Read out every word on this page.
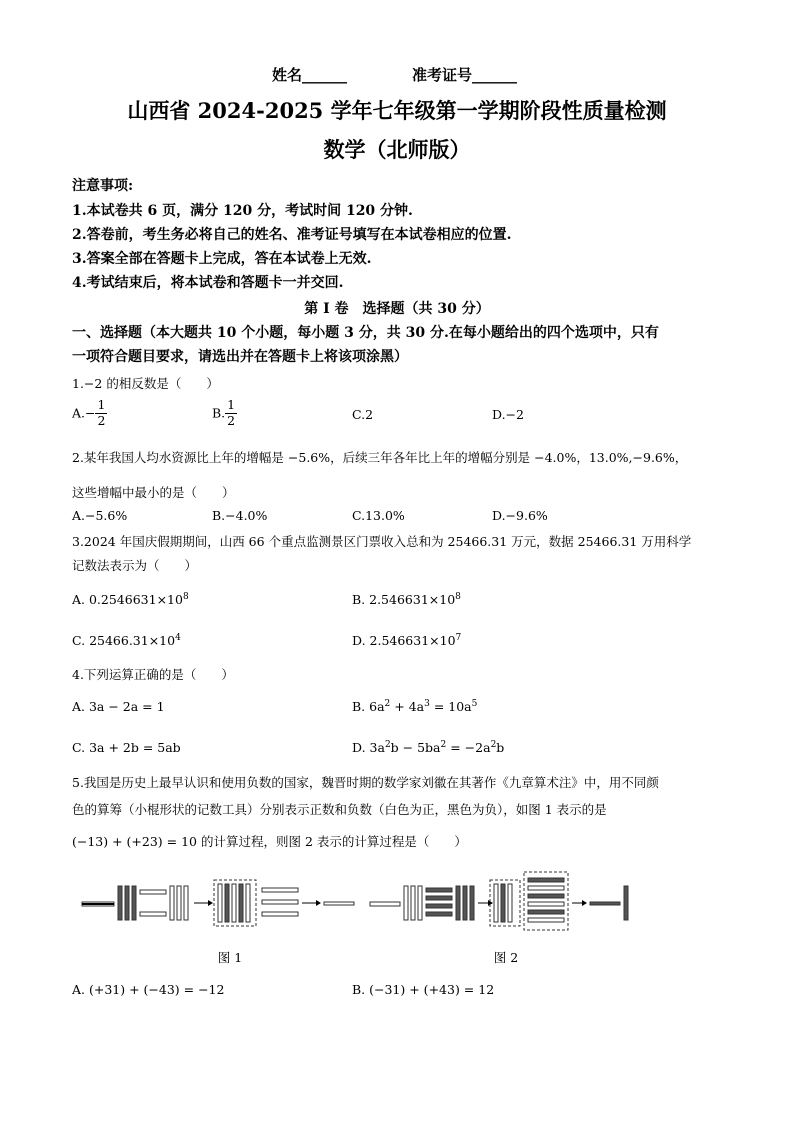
姓名______	准考证号______
山西省 2024-2025 学年七年级第一学期阶段性质量检测
数学（北师版）
注意事项:
1.本试卷共 6 页，满分 120 分，考试时间 120 分钟.
2.答卷前，考生务必将自己的姓名、准考证号填写在本试卷相应的位置.
3.答案全部在答题卡上完成，答在本试卷上无效.
4.考试结束后，将本试卷和答题卡一并交回.
第 I 卷　选择题（共 30 分）
一、选择题（本大题共 10 个小题，每小题 3 分，共 30 分.在每小题给出的四个选项中，只有
一项符合题目要求，请选出并在答题卡上将该项涂黑）
1.−2 的相反数是（　　）
$A.- \frac{1}{2}$	B. $\frac{1}{2}$	C.2	D.−2
2.某年我国人均水资源比上年的增幅是 −5.6%，后续三年各年比上年的增幅分别是 −4.0%，13.0%,−9.6%，
这些增幅中最小的是（　　）
A.−5.6%	B.−4.0%	C.13.0%	D.−9.6%
3.2024 年国庆假期期间，山西 66 个重点监测景区门票收入总和为 25466.31 万元，数据 25466.31 万用科学
记数法表示为（　　）
A. $0.2546631\times 10^8$	B. $2.546631\times 10^8$
C. $25466.31\times 10^4$	D. $2.546631\times 10^7$
4.下列运算正确的是（　　）
A. 3a − 2a = 1	B. $6a^2 + 4a^3 = 10a^5$
C. 3a + 2b = 5ab	D. $3a^2b - 5ba^2 = -2a^2b$
5.我国是历史上最早认识和使用负数的国家，魏晋时期的数学家刘徽在其著作《九章算术注》中，用不同颜
色的算筹（小棍形状的记数工具）分别表示正数和负数（白色为正，黑色为负），如图 1 表示的是
(−13) + (+23) = 10 的计算过程，则图 2 表示的计算过程是（　　）
图 1	图 2
A. (+31) + (−43) = −12	B. (−31) + (+43) = 12
